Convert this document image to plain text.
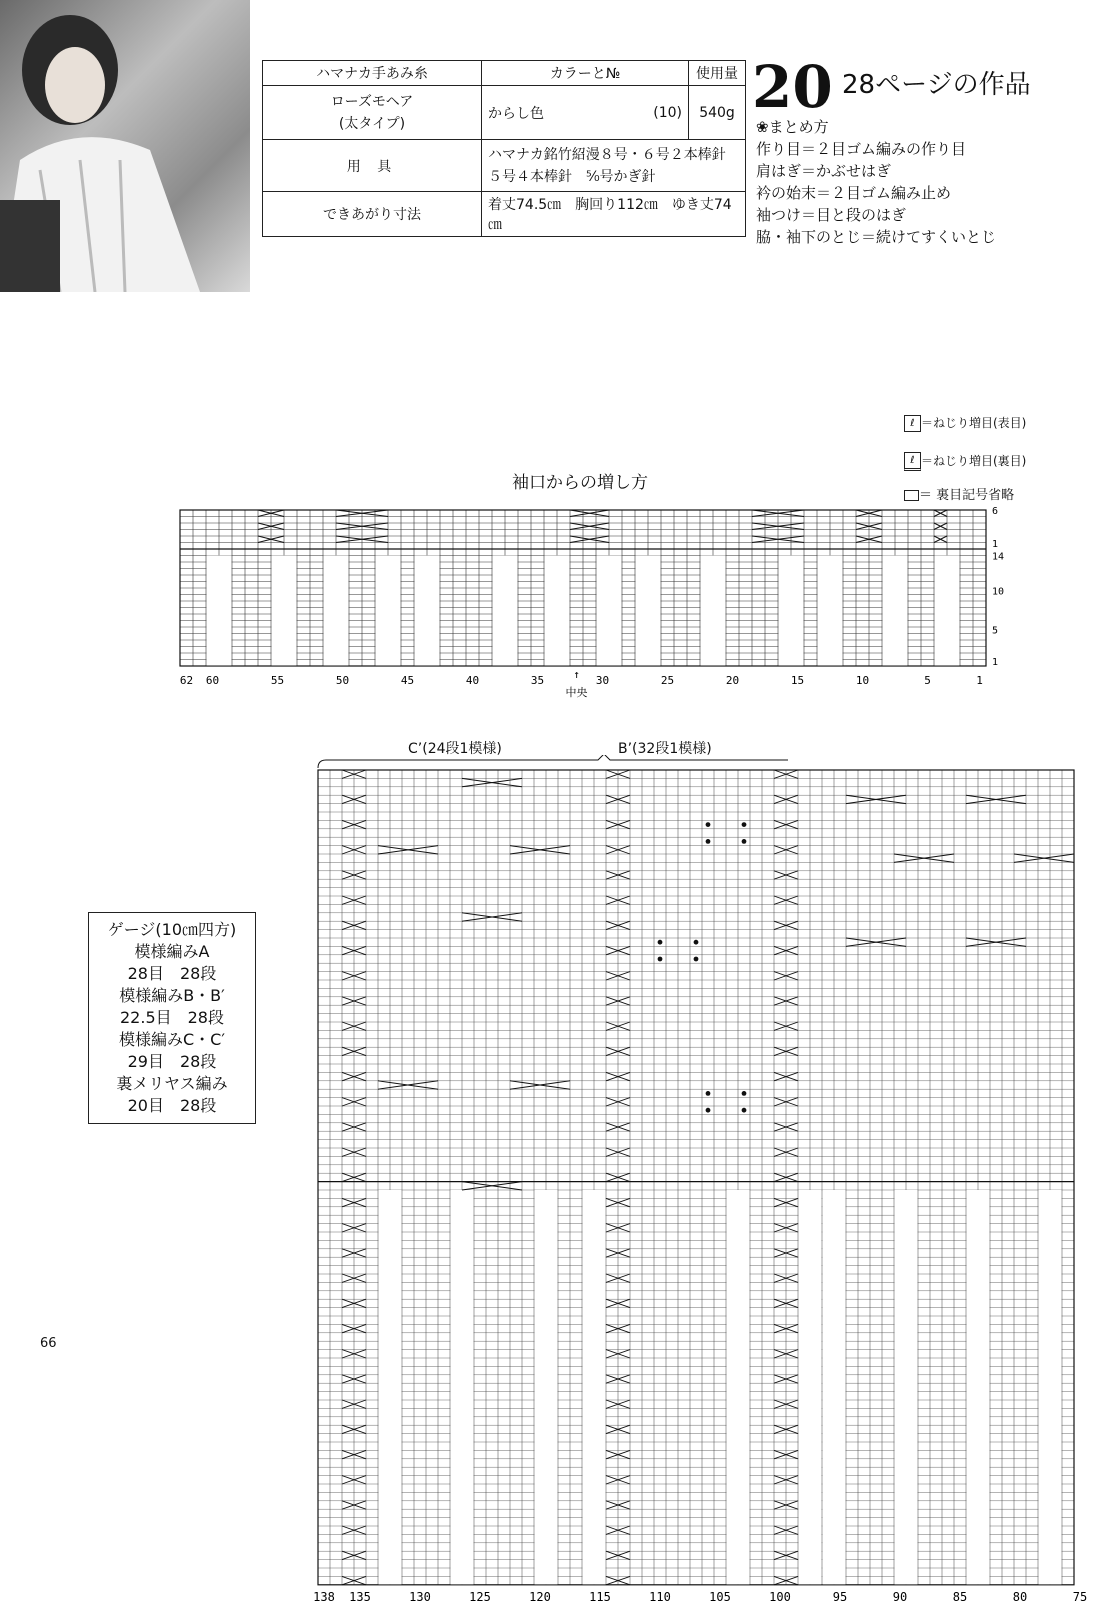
ハマナカ手あみ糸	カラーと№		使用量

ローズモヘア
(太タイプ)	からし色	(10)	540g
用 具	ハマナカ銘竹紹漫８号・６号２本棒針
５号４本棒針　⁵⁄₀号かぎ針		

できあがり寸法	着丈74.5㎝　胸回り112㎝　ゆき丈74㎝		
20 28ページの作品
❀まとめ方
作り目＝２目ゴム編みの作り目
肩はぎ＝かぶせはぎ
衿の始末＝２目ゴム編み止め
袖つけ＝目と段のはぎ
脇・袖下のとじ＝続けてすくいとじ
ℓ ＝ねじり増目(表目)
ℓ ＝ねじり増目(裏目)
＝ 裏目記号省略
袖口からの増し方
62 60	55	50	45	40	35	30	25	20	15	10	5	1
↑
中央
6
1
14
10
5
1
C’(24段1模様)	B’(32段1模様)
138 135	130	125	120	115	110	105	100	95	90	85	80	75
ゲージ(10㎝四方)
模様編みA
28目　28段
模様編みB・B′
22.5目　28段
模様編みC・C′
29目　28段
裏メリヤス編み
20目　28段
66
